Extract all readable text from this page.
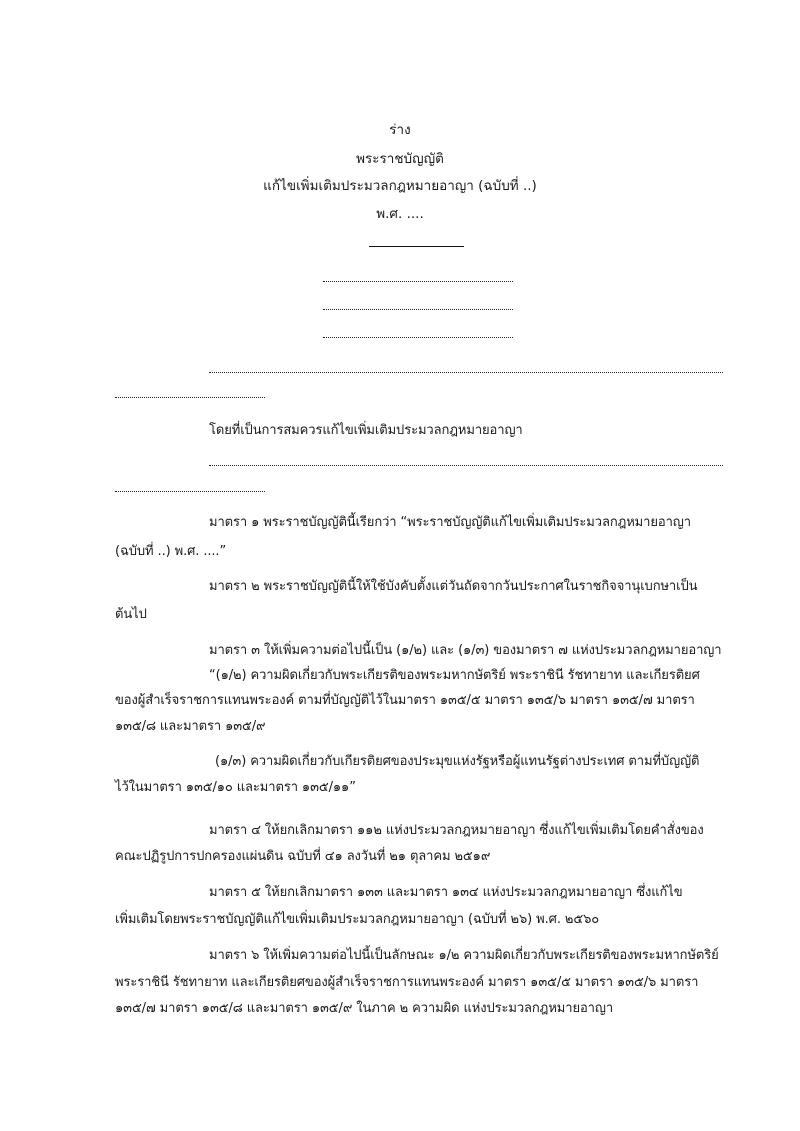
ร่าง
พระราชบัญญัติ
แก้ไขเพิ่มเติมประมวลกฎหมายอาญา (ฉบับที่ ..)
พ.ศ. ....
โดยที่เป็นการสมควรแก้ไขเพิ่มเติมประมวลกฎหมายอาญา
มาตรา ๑ พระราชบัญญัตินี้เรียกว่า “พระราชบัญญัติแก้ไขเพิ่มเติมประมวลกฎหมายอาญา
(ฉบับที่ ..) พ.ศ. ....”
มาตรา ๒ พระราชบัญญัตินี้ให้ใช้บังคับตั้งแต่วันถัดจากวันประกาศในราชกิจจานุเบกษาเป็น
ต้นไป
มาตรา ๓ ให้เพิ่มความต่อไปนี้เป็น (๑/๒) และ (๑/๓) ของมาตรา ๗ แห่งประมวลกฎหมายอาญา
“(๑/๒) ความผิดเกี่ยวกับพระเกียรติของพระมหากษัตริย์ พระราชินี รัชทายาท และเกียรติยศ
ของผู้สำเร็จราชการแทนพระองค์ ตามที่บัญญัติไว้ในมาตรา ๑๓๕/๕ มาตรา ๑๓๕/๖ มาตรา ๑๓๕/๗ มาตรา
๑๓๕/๘ และมาตรา ๑๓๕/๙
(๑/๓) ความผิดเกี่ยวกับเกียรติยศของประมุขแห่งรัฐหรือผู้แทนรัฐต่างประเทศ ตามที่บัญญัติ
ไว้ในมาตรา ๑๓๕/๑๐ และมาตรา ๑๓๕/๑๑”
มาตรา ๔ ให้ยกเลิกมาตรา ๑๑๒ แห่งประมวลกฎหมายอาญา ซึ่งแก้ไขเพิ่มเติมโดยคำสั่งของ
คณะปฏิรูปการปกครองแผ่นดิน ฉบับที่ ๔๑ ลงวันที่ ๒๑ ตุลาคม ๒๕๑๙
มาตรา ๕ ให้ยกเลิกมาตรา ๑๓๓ และมาตรา ๑๓๔ แห่งประมวลกฎหมายอาญา ซึ่งแก้ไข
เพิ่มเติมโดยพระราชบัญญัติแก้ไขเพิ่มเติมประมวลกฎหมายอาญา (ฉบับที่ ๒๖) พ.ศ. ๒๕๖๐
มาตรา ๖ ให้เพิ่มความต่อไปนี้เป็นลักษณะ ๑/๒ ความผิดเกี่ยวกับพระเกียรติของพระมหากษัตริย์
พระราชินี รัชทายาท และเกียรติยศของผู้สำเร็จราชการแทนพระองค์ มาตรา ๑๓๕/๕ มาตรา ๑๓๕/๖ มาตรา
๑๓๕/๗ มาตรา ๑๓๕/๘ และมาตรา ๑๓๕/๙ ในภาค ๒ ความผิด แห่งประมวลกฎหมายอาญา
